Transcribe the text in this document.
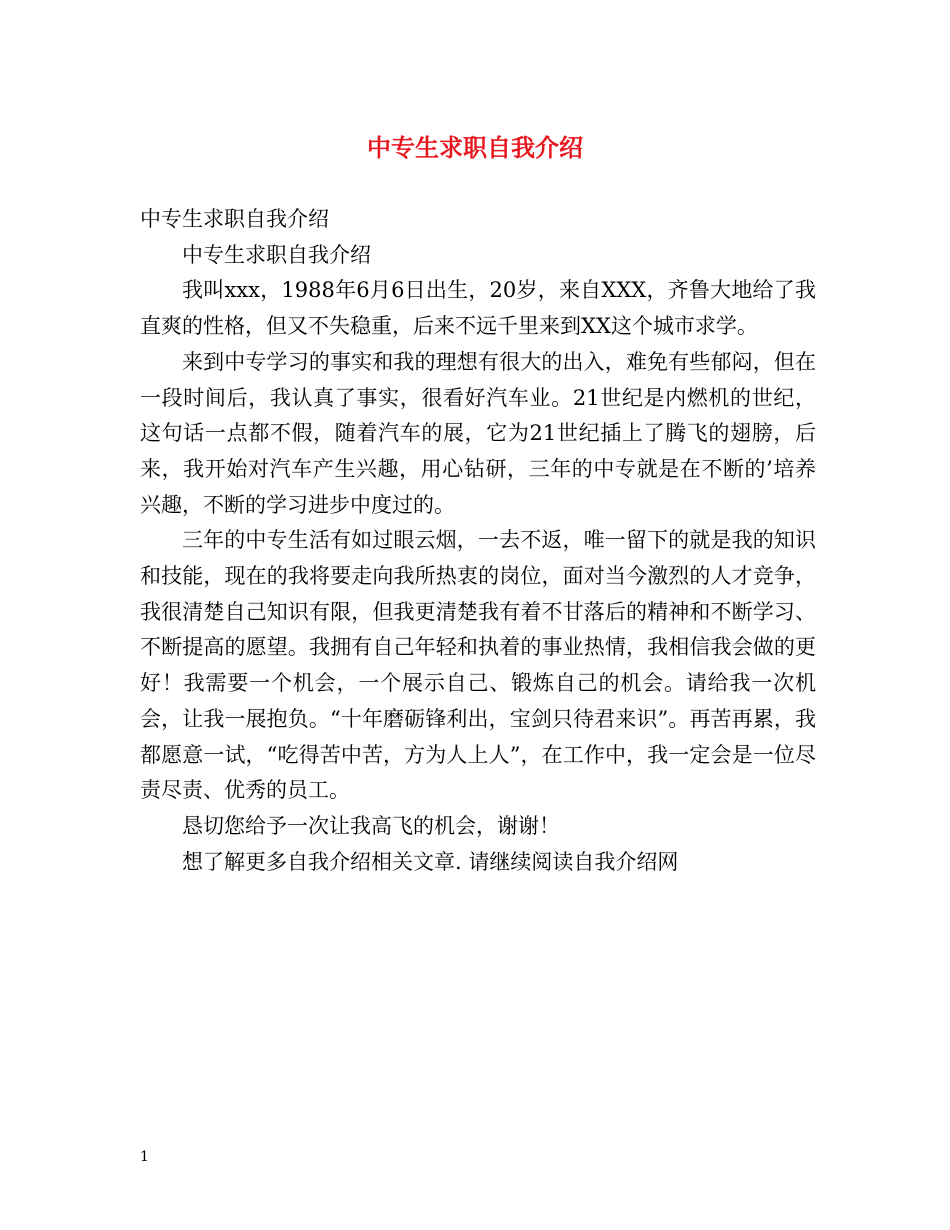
中专生求职自我介绍

中专生求职自我介绍

中专生求职自我介绍

我叫xxx，1988年6月6日出生，20岁，来自XXX，齐鲁大地给了我直爽的性格，但又不失稳重，后来不远千里来到XX这个城市求学。

来到中专学习的事实和我的理想有很大的出入，难免有些郁闷，但在一段时间后，我认真了事实，很看好汽车业。21世纪是内燃机的世纪，这句话一点都不假，随着汽车的展，它为21世纪插上了腾飞的翅膀，后来，我开始对汽车产生兴趣，用心钻研，三年的中专就是在不断的’培养兴趣，不断的学习进步中度过的。

三年的中专生活有如过眼云烟，一去不返，唯一留下的就是我的知识和技能，现在的我将要走向我所热衷的岗位，面对当今激烈的人才竞争，我很清楚自己知识有限，但我更清楚我有着不甘落后的精神和不断学习、不断提高的愿望。我拥有自己年轻和执着的事业热情，我相信我会做的更好！我需要一个机会，一个展示自己、锻炼自己的机会。请给我一次机会，让我一展抱负。“十年磨砺锋利出，宝剑只待君来识”。再苦再累，我都愿意一试，“吃得苦中苦，方为人上人”，在工作中，我一定会是一位尽责尽责、优秀的员工。

恳切您给予一次让我高飞的机会，谢谢！

想了解更多自我介绍相关文章. 请继续阅读自我介绍网

1
